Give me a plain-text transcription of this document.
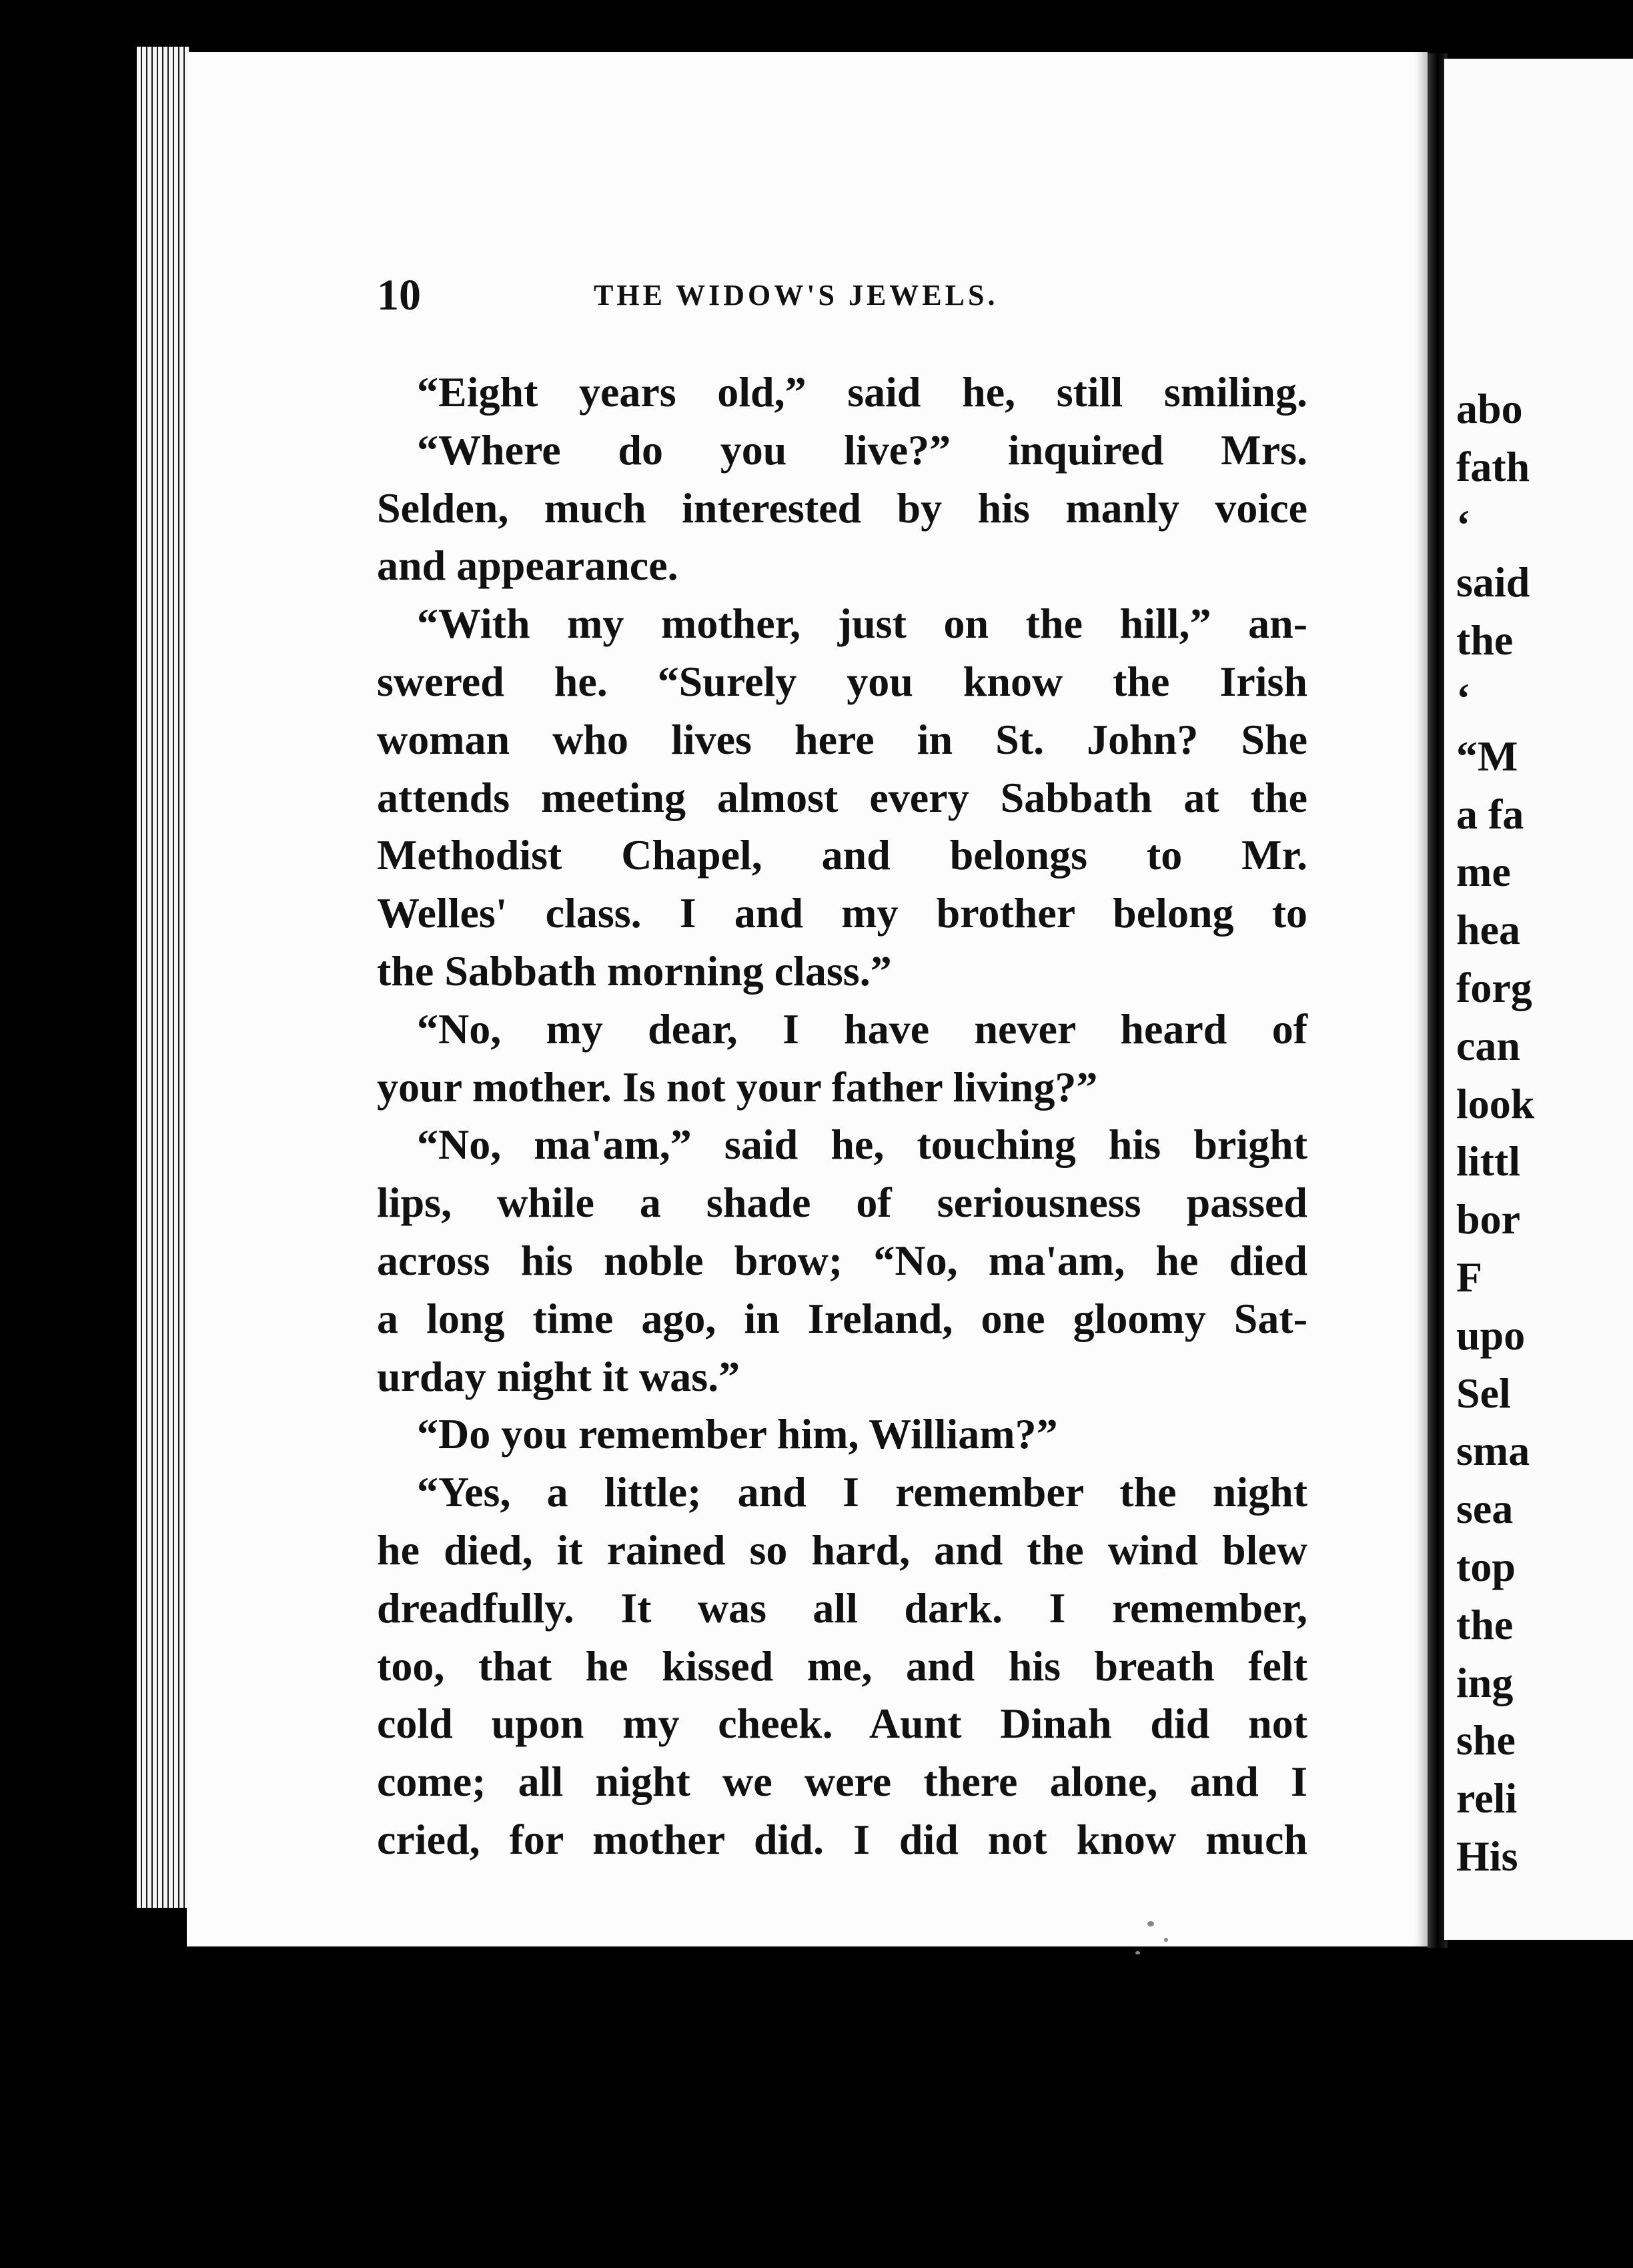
10	THE WIDOW'S JEWELS.
“Eight years old,” said he, still smiling.
“Where do you live?” inquired Mrs.
Selden, much interested by his manly voice
and appearance.
“With my mother, just on the hill,” an-
swered he. “Surely you know the Irish
woman who lives here in St. John? She
attends meeting almost every Sabbath at the
Methodist Chapel, and belongs to Mr.
Welles' class. I and my brother belong to
the Sabbath morning class.”
“No, my dear, I have never heard of
your mother. Is not your father living?”
“No, ma'am,” said he, touching his bright
lips, while a shade of seriousness passed
across his noble brow; “No, ma'am, he died
a long time ago, in Ireland, one gloomy Sat-
urday night it was.”
“Do you remember him, William?”
“Yes, a little; and I remember the night
he died, it rained so hard, and the wind blew
dreadfully. It was all dark. I remember,
too, that he kissed me, and his breath felt
cold upon my cheek. Aunt Dinah did not
come; all night we were there alone, and I
cried, for mother did. I did not know much
abo
fath
‘
said
the
‘
“M
a fa
me
hea
forg
can
look
littl
bor
F
upo
Sel
sma
sea
top
the
ing
she
reli
His
